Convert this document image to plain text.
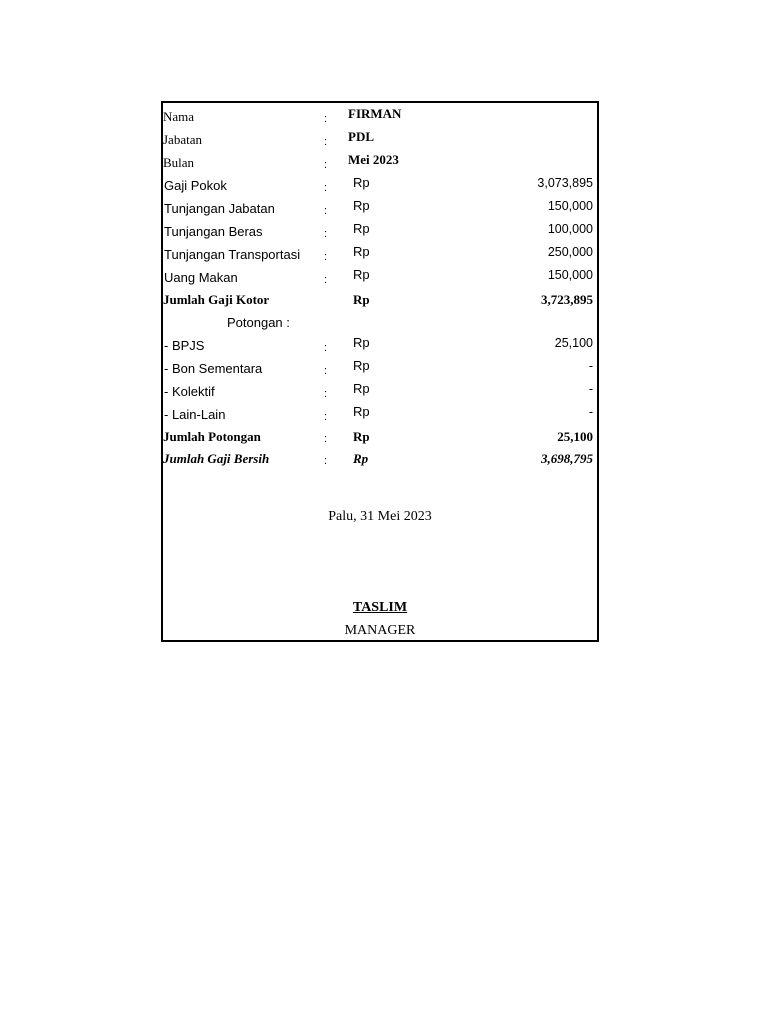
Nama	: FIRMAN
Jabatan	: PDL
Bulan	: Mei 2023
Gaji Pokok	: Rp	3,073,895
Tunjangan Jabatan	: Rp	150,000
Tunjangan Beras	: Rp	100,000
Tunjangan Transportasi : Rp	250,000
Uang Makan	: Rp	150,000
Jumlah Gaji Kotor	Rp	3,723,895
Potongan :
- BPJS	: Rp	25,100
- Bon Sementara	: Rp	-
- Kolektif	: Rp	-
- Lain-Lain	: Rp	-
Jumlah Potongan	: Rp	25,100
Jumlah Gaji Bersih	: Rp	3,698,795
Palu, 31 Mei 2023
TASLIM
MANAGER
